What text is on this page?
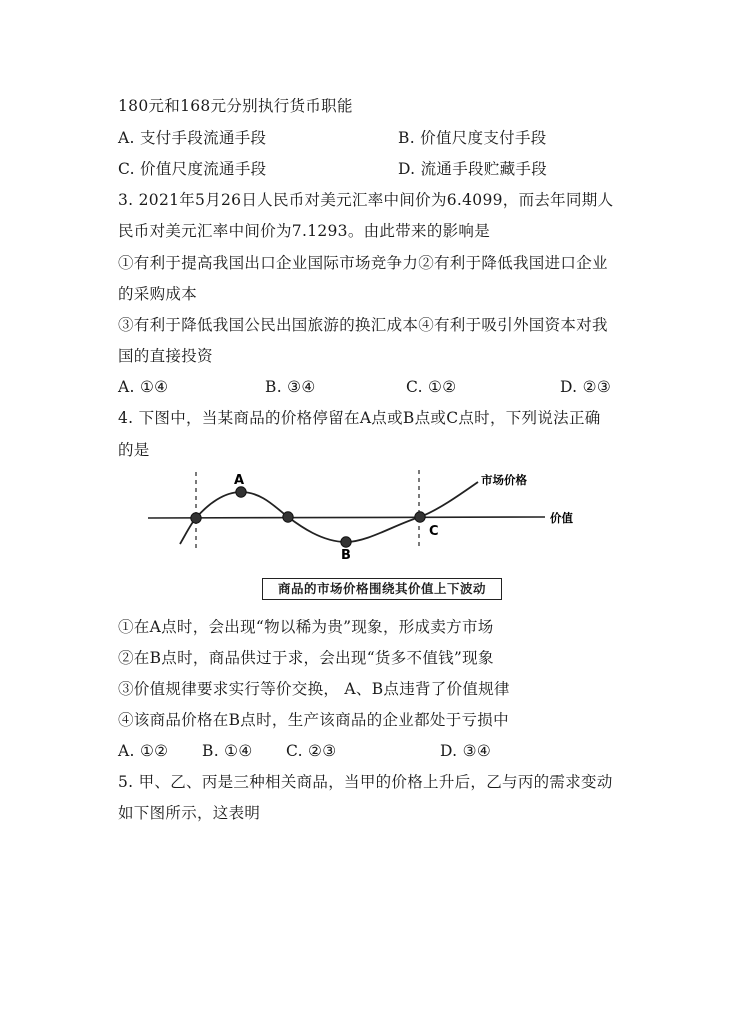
180元和168元分别执行货币职能
A. 支付手段流通手段	B. 价值尺度支付手段
C. 价值尺度流通手段	D. 流通手段贮藏手段
3. 2021年5月26日人民币对美元汇率中间价为6.4099，而去年同期人
民币对美元汇率中间价为7.1293。由此带来的影响是
①有利于提高我国出口企业国际市场竞争力②有利于降低我国进口企业
的采购成本
③有利于降低我国公民出国旅游的换汇成本④有利于吸引外国资本对我
国的直接投资
A. ①④	B. ③④	C. ①②	D. ②③
4. 下图中，当某商品的价格停留在A点或B点或C点时，下列说法正确
的是
A
B
C
市场价格
价值
商品的市场价格围绕其价值上下波动
①在A点时，会出现“物以稀为贵”现象，形成卖方市场
②在B点时，商品供过于求，会出现“货多不值钱”现象
③价值规律要求实行等价交换， A、B点违背了价值规律
④该商品价格在B点时，生产该商品的企业都处于亏损中
A. ①② B. ①④ C. ②③	D. ③④
5. 甲、乙、丙是三种相关商品，当甲的价格上升后，乙与丙的需求变动
如下图所示，这表明
